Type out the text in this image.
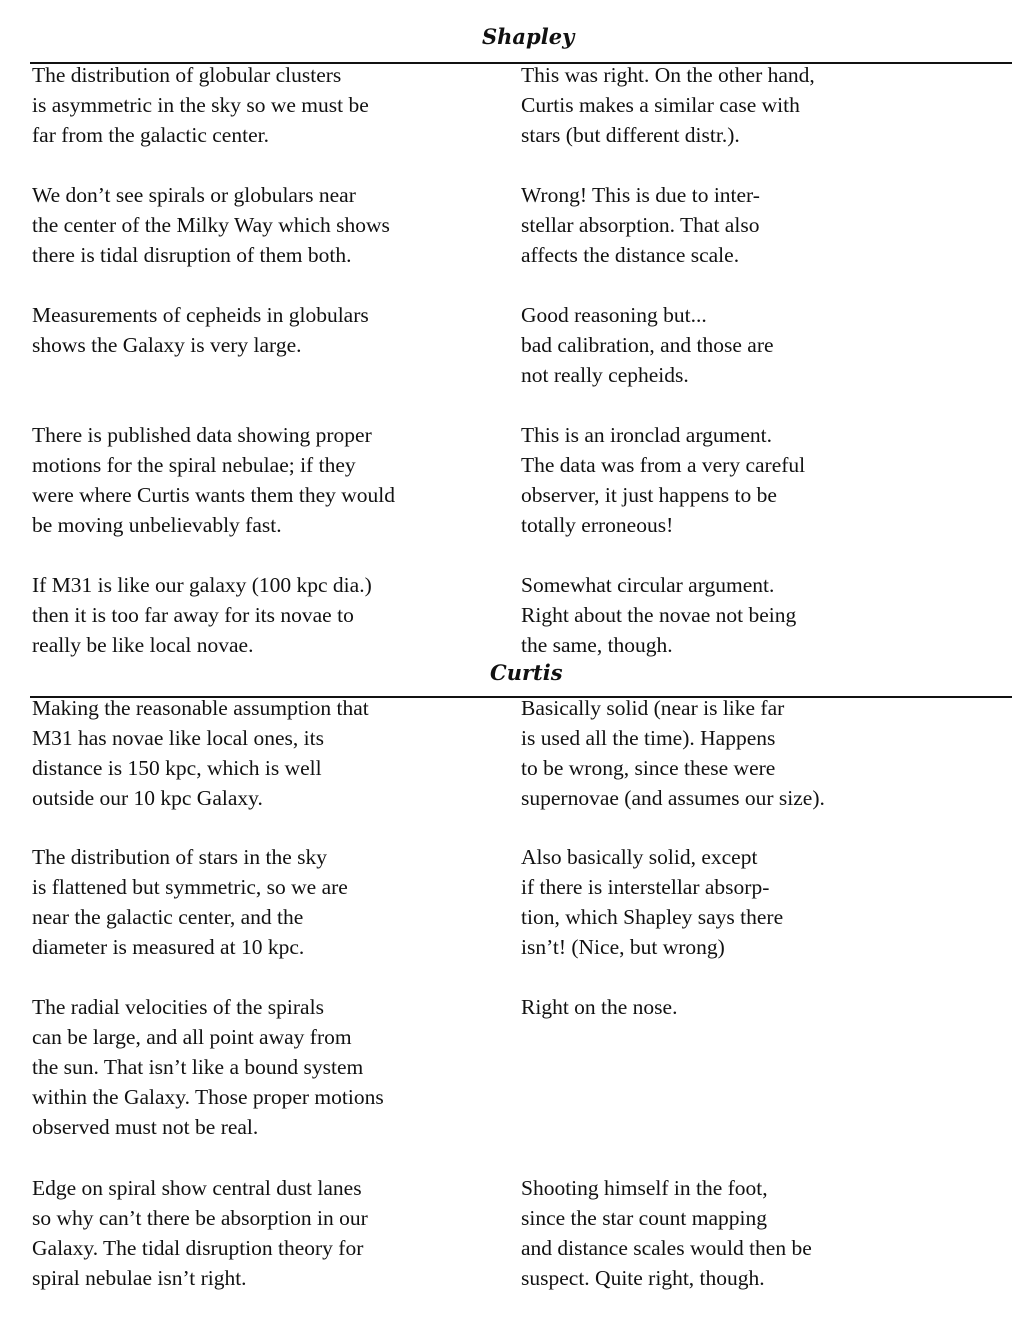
Shapley
The distribution of globular clusters
is asymmetric in the sky so we must be
far from the galactic center.
This was right. On the other hand,
Curtis makes a similar case with
stars (but different distr.).
We don’t see spirals or globulars near
the center of the Milky Way which shows
there is tidal disruption of them both.
Wrong! This is due to inter-
stellar absorption. That also
affects the distance scale.
Measurements of cepheids in globulars
shows the Galaxy is very large.
Good reasoning but...
bad calibration, and those are
not really cepheids.
There is published data showing proper
motions for the spiral nebulae; if they
were where Curtis wants them they would
be moving unbelievably fast.
This is an ironclad argument.
The data was from a very careful
observer, it just happens to be
totally erroneous!
If M31 is like our galaxy (100 kpc dia.)
then it is too far away for its novae to
really be like local novae.
Somewhat circular argument.
Right about the novae not being
the same, though.
Curtis
Making the reasonable assumption that
M31 has novae like local ones, its
distance is 150 kpc, which is well
outside our 10 kpc Galaxy.
Basically solid (near is like far
is used all the time). Happens
to be wrong, since these were
supernovae (and assumes our size).
The distribution of stars in the sky
is flattened but symmetric, so we are
near the galactic center, and the
diameter is measured at 10 kpc.
Also basically solid, except
if there is interstellar absorp-
tion, which Shapley says there
isn’t! (Nice, but wrong)
The radial velocities of the spirals
can be large, and all point away from
the sun. That isn’t like a bound system
within the Galaxy. Those proper motions
observed must not be real.
Right on the nose.
Edge on spiral show central dust lanes
so why can’t there be absorption in our
Galaxy. The tidal disruption theory for
spiral nebulae isn’t right.
Shooting himself in the foot,
since the star count mapping
and distance scales would then be
suspect. Quite right, though.
